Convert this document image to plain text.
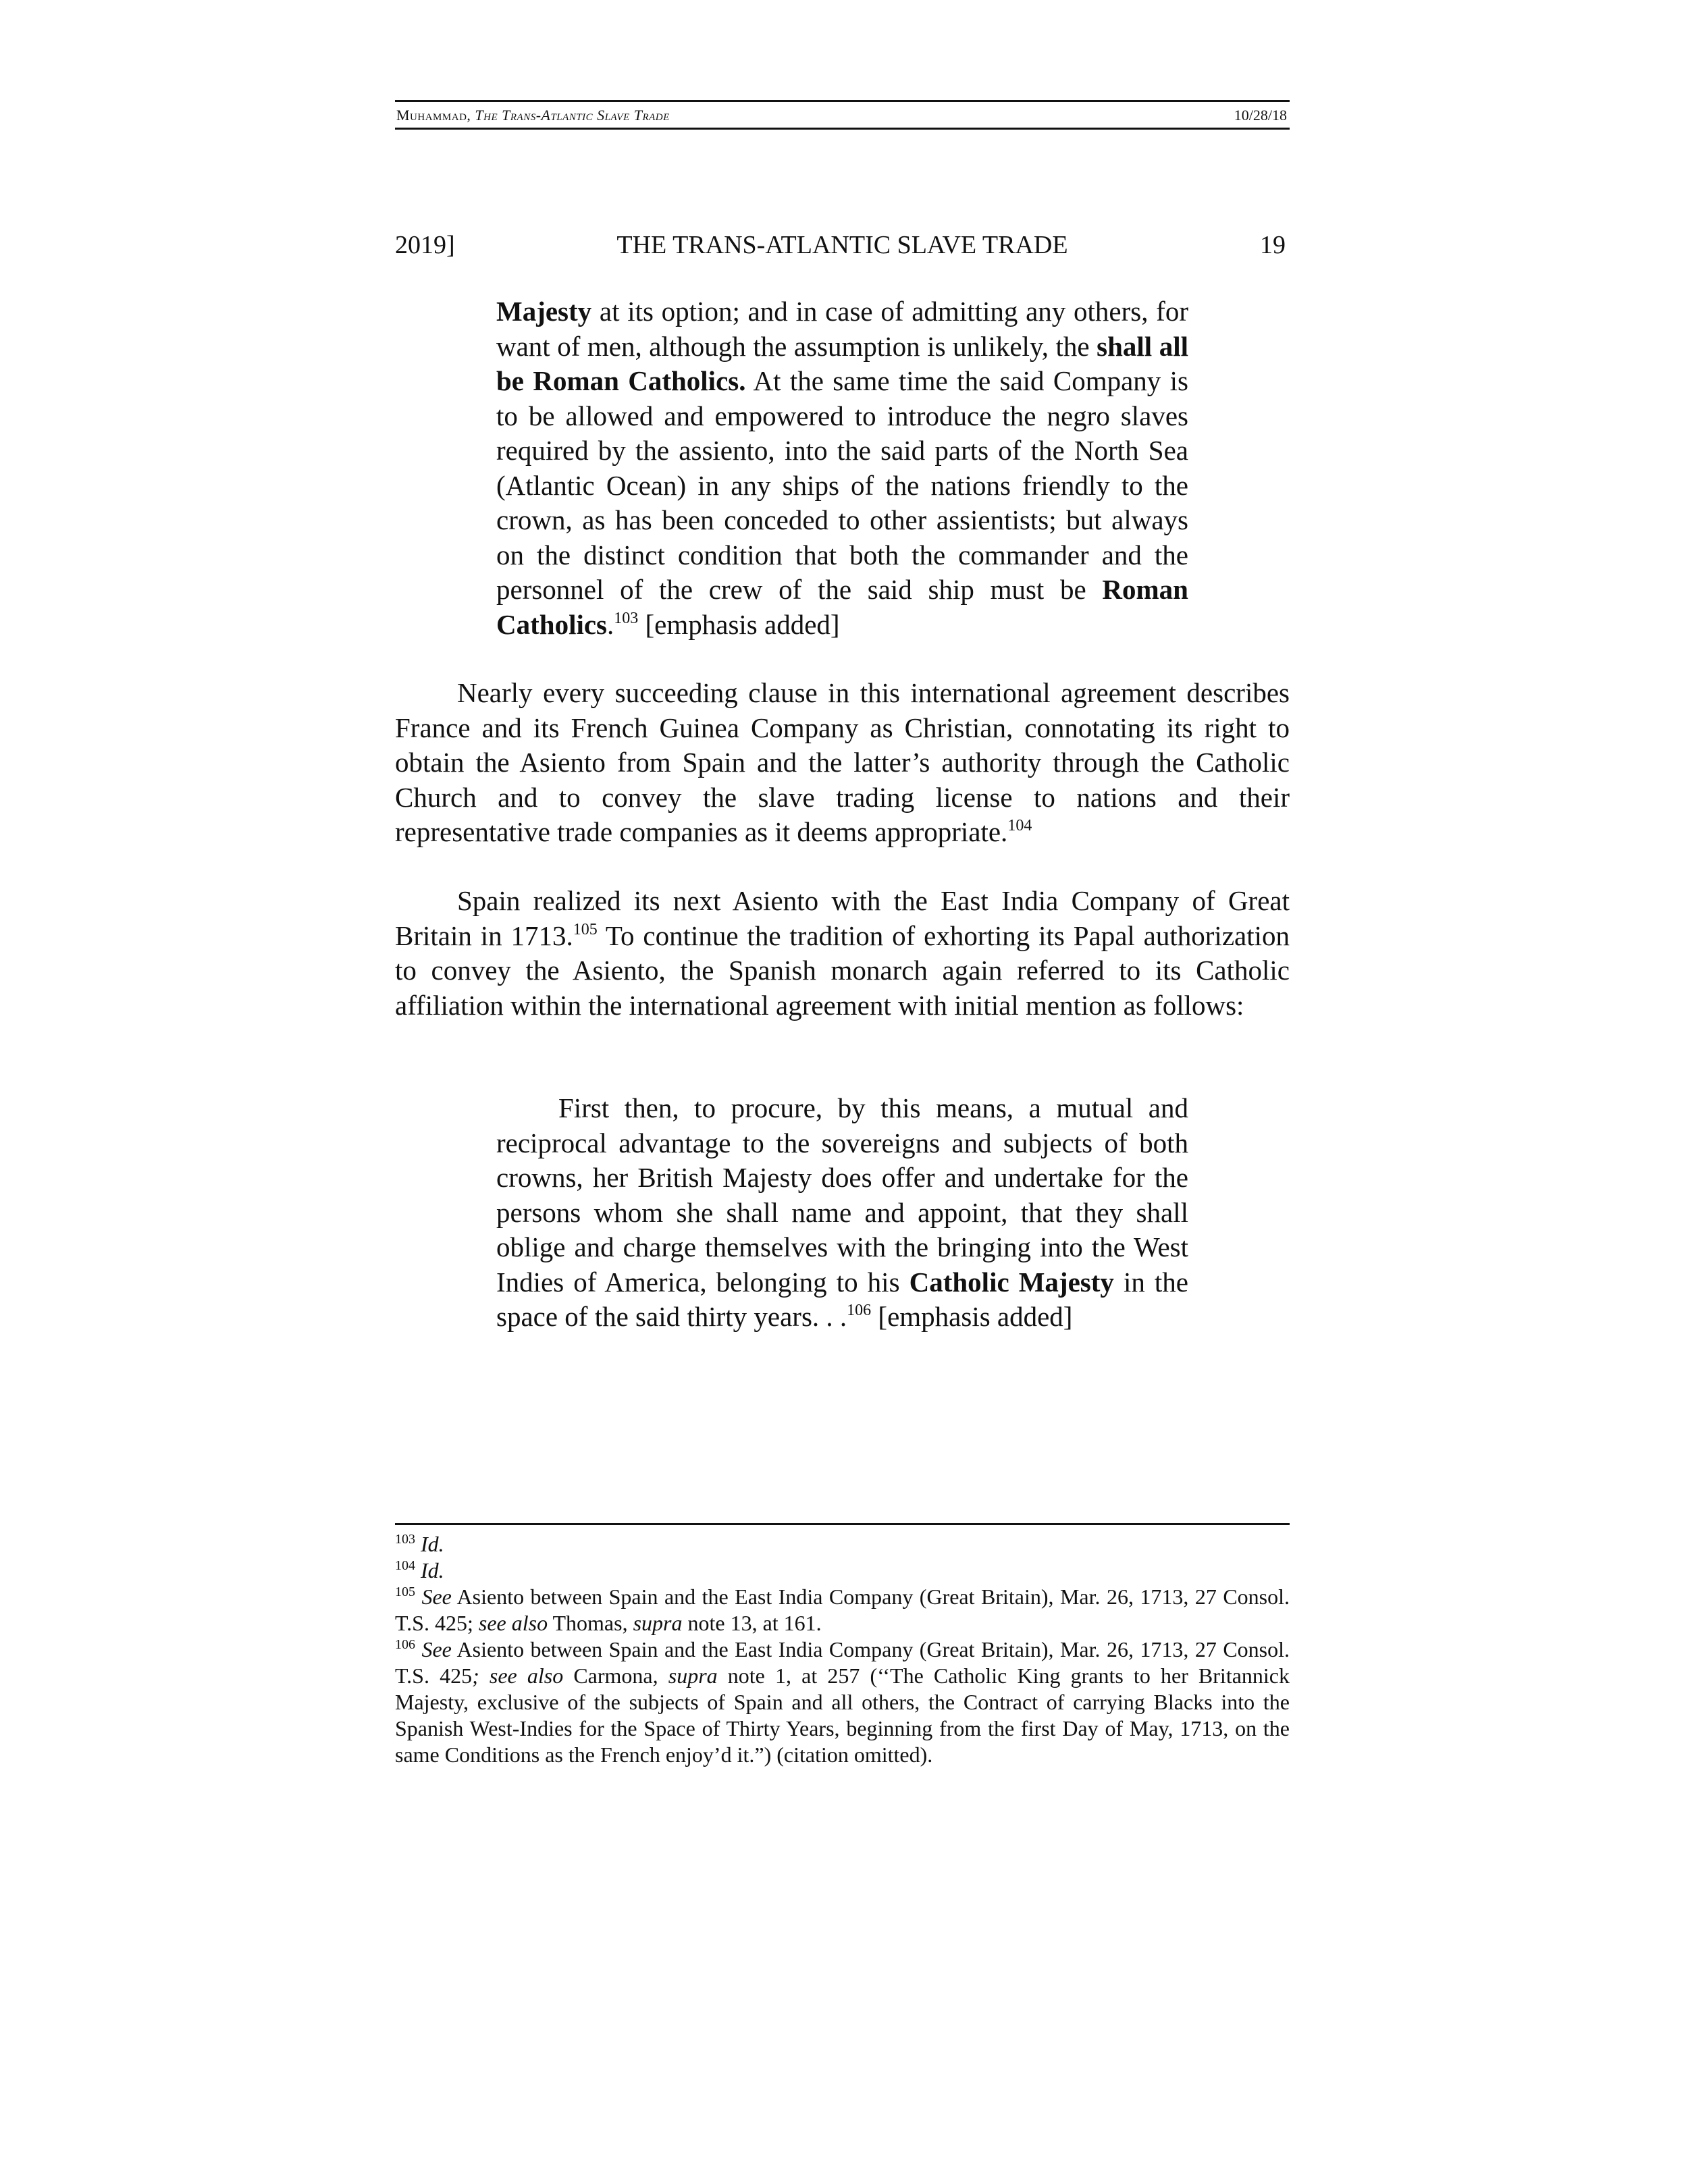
Muhammad, The Trans-Atlantic Slave Trade	10/28/18
2019]	THE TRANS-ATLANTIC SLAVE TRADE	19
Majesty at its option; and in case of admitting any others, for want of men, although the assumption is unlikely, the shall all be Roman Catholics. At the same time the said Company is to be allowed and empowered to introduce the negro slaves required by the assiento, into the said parts of the North Sea (Atlantic Ocean) in any ships of the nations friendly to the crown, as has been conceded to other assientists; but always on the distinct condition that both the commander and the personnel of the crew of the said ship must be Roman Catholics.$^{103}$ [emphasis added]
Nearly every succeeding clause in this international agreement describes France and its French Guinea Company as Christian, connotating its right to obtain the Asiento from Spain and the latter’s authority through the Catholic Church and to convey the slave trading license to nations and their representative trade companies as it deems appropriate.$^{104}$
Spain realized its next Asiento with the East India Company of Great Britain in 1713.$^{105}$ To continue the tradition of exhorting its Papal authorization to convey the Asiento, the Spanish monarch again referred to its Catholic affiliation within the international agreement with initial mention as follows:
First then, to procure, by this means, a mutual and reciprocal advantage to the sovereigns and subjects of both crowns, her British Majesty does offer and undertake for the persons whom she shall name and appoint, that they shall oblige and charge themselves with the bringing into the West Indies of America, belonging to his Catholic Majesty in the space of the said thirty years. . .$^{106}$ [emphasis added]

$^{103}$ Id.

$^{104}$ Id.

$^{105}$ See Asiento between Spain and the East India Company (Great Britain), Mar. 26, 1713, 27 Consol. T.S. 425; see also Thomas, supra note 13, at 161.

$^{106}$ See Asiento between Spain and the East India Company (Great Britain), Mar. 26, 1713, 27 Consol. T.S. 425; see also Carmona, supra note 1, at 257 (‘‘The Catholic King grants to her Britannick Majesty, exclusive of the subjects of Spain and all others, the Contract of carrying Blacks into the Spanish West-Indies for the Space of Thirty Years, beginning from the first Day of May, 1713, on the same Conditions as the French enjoy’d it.”) (citation omitted).
